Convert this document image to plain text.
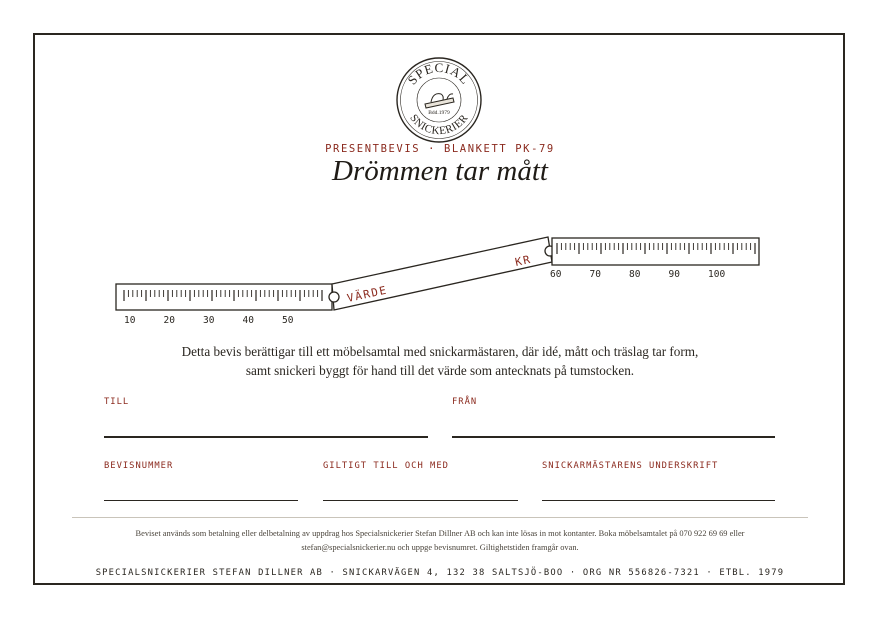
SPECIAL
SNICKERIER
Bdd.1979
PRESENTBEVIS · BLANKETT PK-79
Drömmen tar mått
VÄRDE
KR
10	20	30	40	50
60	70	80	90	100
Detta bevis berättigar till ett möbelsamtal med snickarmästaren, där idé, mått och träslag tar form,
samt snickeri byggt för hand till det värde som antecknats på tumstocken.
TILL	FRÅN
BEVISNUMMER	GILTIGT TILL OCH MED	SNICKARMÄSTARENS UNDERSKRIFT
Beviset används som betalning eller delbetalning av uppdrag hos Specialsnickerier Stefan Dillner AB och kan inte lösas in mot kontanter. Boka möbelsamtalet på 070 922 69 69 eller
stefan@specialsnickerier.nu och uppge bevisnumret. Giltighetstiden framgår ovan.
SPECIALSNICKERIER STEFAN DILLNER AB · SNICKARVÄGEN 4, 132 38 SALTSJÖ-BOO · ORG NR 556826-7321 · ETBL. 1979
